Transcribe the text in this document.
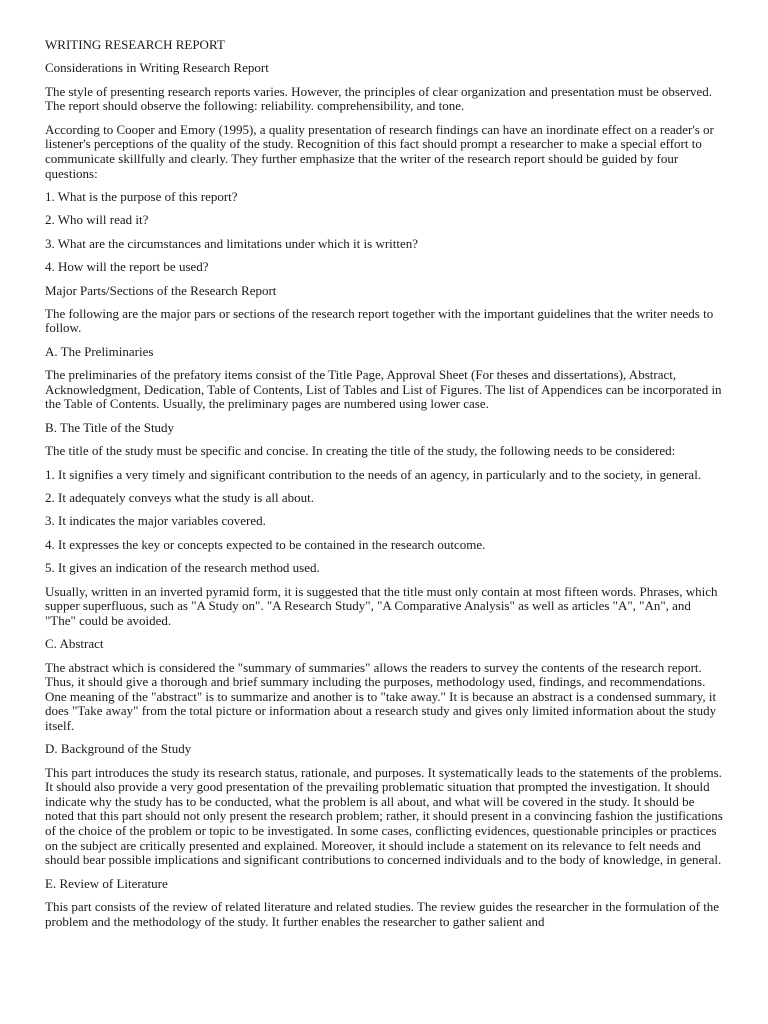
WRITING RESEARCH REPORT

Considerations in Writing Research Report

The style of presenting research reports varies. However, the principles of clear organization and presentation must be observed. The report should observe the following: reliability. comprehensibility, and tone.

According to Cooper and Emory (1995), a quality presentation of research findings can have an inordinate effect on a reader's or listener's perceptions of the quality of the study. Recognition of this fact should prompt a researcher to make a special effort to communicate skillfully and clearly. They further emphasize that the writer of the research report should be guided by four questions:

1. What is the purpose of this report?

2. Who will read it?

3. What are the circumstances and limitations under which it is written?

4. How will the report be used?

Major Parts/Sections of the Research Report

The following are the major pars or sections of the research report together with the important guidelines that the writer needs to follow.

A. The Preliminaries

The preliminaries of the prefatory items consist of the Title Page, Approval Sheet (For theses and dissertations), Abstract, Acknowledgment, Dedication, Table of Contents, List of Tables and List of Figures. The list of Appendices can be incorporated in the Table of Contents. Usually, the preliminary pages are numbered using lower case.

B. The Title of the Study

The title of the study must be specific and concise. In creating the title of the study, the following needs to be considered:

1. It signifies a very timely and significant contribution to the needs of an agency, in particularly and to the society, in general.

2. It adequately conveys what the study is all about.

3. It indicates the major variables covered.

4. It expresses the key or concepts expected to be contained in the research outcome.

5. It gives an indication of the research method used.

Usually, written in an inverted pyramid form, it is suggested that the title must only contain at most fifteen words. Phrases, which supper superfluous, such as "A Study on". "A Research Study", "A Comparative Analysis" as well as articles "A", "An", and "The" could be avoided.

C. Abstract

The abstract which is considered the "summary of summaries" allows the readers to survey the contents of the research report. Thus, it should give a thorough and brief summary including the purposes, methodology used, findings, and recommendations. One meaning of the "abstract" is to summarize and another is to "take away." It is because an abstract is a condensed summary, it does "Take away" from the total picture or information about a research study and gives only limited information about the study itself.

D. Background of the Study

This part introduces the study its research status, rationale, and purposes. It systematically leads to the statements of the problems. It should also provide a very good presentation of the prevailing problematic situation that prompted the investigation. It should indicate why the study has to be conducted, what the problem is all about, and what will be covered in the study. It should be noted that this part should not only present the research problem; rather, it should present in a convincing fashion the justifications of the choice of the problem or topic to be investigated. In some cases, conflicting evidences, questionable principles or practices on the subject are critically presented and explained. Moreover, it should include a statement on its relevance to felt needs and should bear possible implications and significant contributions to concerned individuals and to the body of knowledge, in general.

E. Review of Literature

This part consists of the review of related literature and related studies. The review guides the researcher in the formulation of the problem and the methodology of the study. It further enables the researcher to gather salient and
